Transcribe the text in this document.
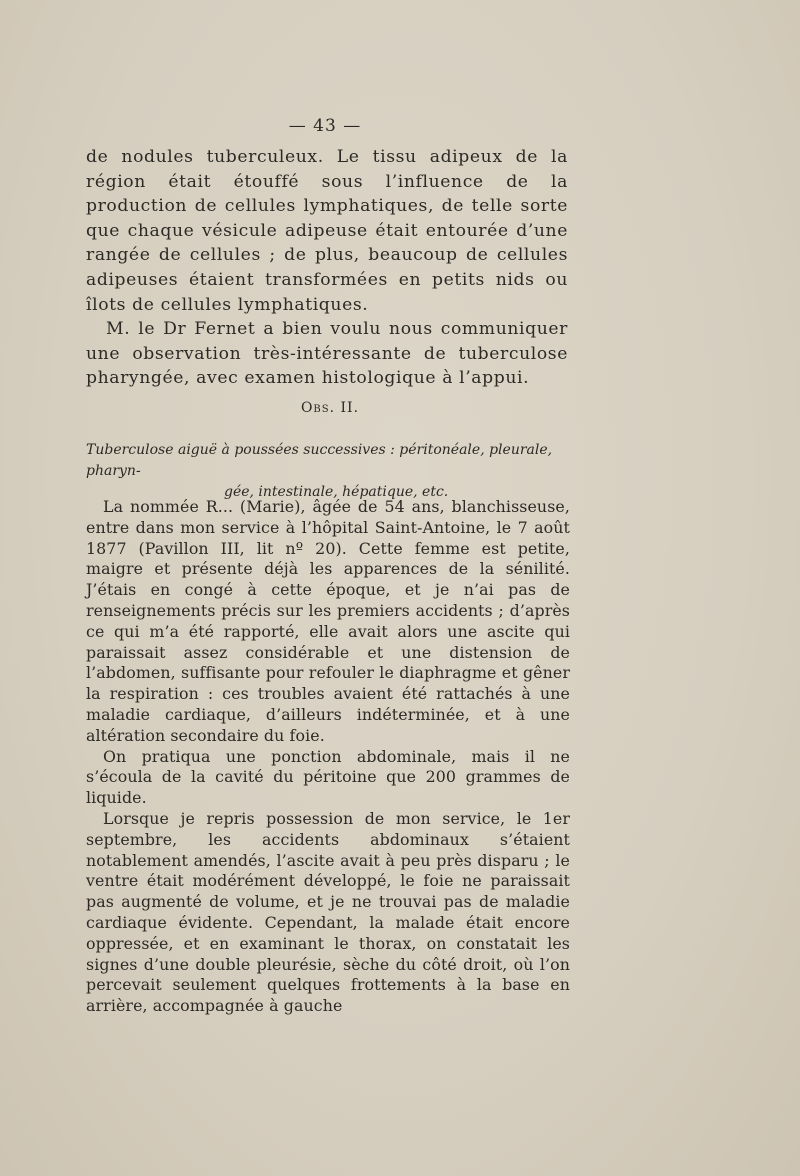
— 43 —

de nodules tuberculeux. Le tissu adipeux de la région était étouffé sous l’influence de la production de cellules lymphatiques, de telle sorte que chaque vésicule adipeuse était entourée d’une rangée de cellules ; de plus, beaucoup de cellules adipeuses étaient transformées en petits nids ou îlots de cellules lymphatiques.

M. le Dr Fernet a bien voulu nous communiquer une observation très-intéressante de tuberculose pharyngée, avec examen histologique à l’appui.

Obs. II.
Tuberculose aiguë à poussées successives : péritonéale, pleurale, pharyn-
gée, intestinale, hépatique, etc.

La nommée R... (Marie), âgée de 54 ans, blanchisseuse, entre dans mon service à l’hôpital Saint-Antoine, le 7 août 1877 (Pavillon III, lit nº 20). Cette femme est petite, maigre et présente déjà les apparences de la sénilité. J’étais en congé à cette époque, et je n’ai pas de renseignements précis sur les premiers accidents ; d’après ce qui m’a été rapporté, elle avait alors une ascite qui paraissait assez considérable et une distension de l’abdomen, suffisante pour refouler le diaphragme et gêner la respiration : ces troubles avaient été rattachés à une maladie cardiaque, d’ailleurs indéterminée, et à une altération secondaire du foie.

On pratiqua une ponction abdominale, mais il ne s’écoula de la cavité du péritoine que 200 grammes de liquide.

Lorsque je repris possession de mon service, le 1er septembre, les accidents abdominaux s’étaient notablement amendés, l’ascite avait à peu près disparu ; le ventre était modérément développé, le foie ne paraissait pas augmenté de volume, et je ne trouvai pas de maladie cardiaque évidente. Cependant, la malade était encore oppressée, et en examinant le thorax, on constatait les signes d’une double pleurésie, sèche du côté droit, où l’on percevait seulement quelques frottements à la base en arrière, accompagnée à gauche
